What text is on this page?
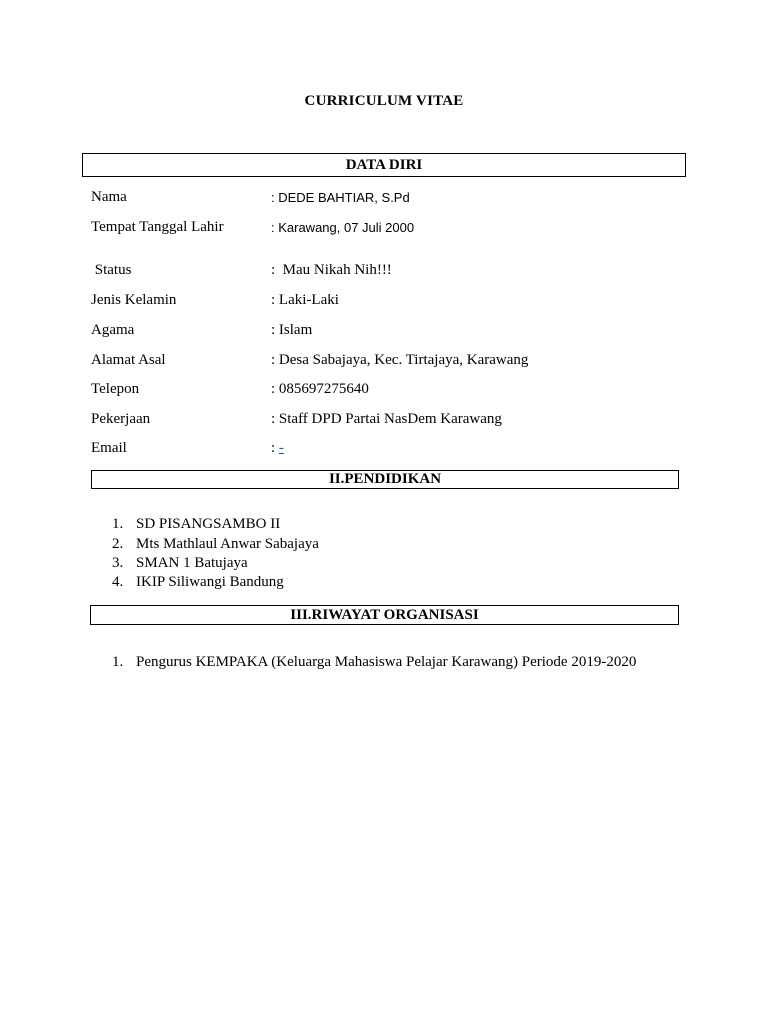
CURRICULUM VITAE
DATA DIRI
Nama	: DEDE BAHTIAR, S.Pd
Tempat Tanggal Lahir	: Karawang, 07 Juli 2000
Status	:  Mau Nikah Nih!!!
Jenis Kelamin	: Laki-Laki
Agama	: Islam
Alamat Asal	: Desa Sabajaya, Kec. Tirtajaya, Karawang
Telepon	: 085697275640
Pekerjaan	: Staff DPD Partai NasDem Karawang
Email	: -
II.PENDIDIKAN
1. SD PISANGSAMBO II
2. Mts Mathlaul Anwar Sabajaya
3. SMAN 1 Batujaya
4. IKIP Siliwangi Bandung
III.RIWAYAT ORGANISASI
1. Pengurus KEMPAKA (Keluarga Mahasiswa Pelajar Karawang) Periode 2019-2020
